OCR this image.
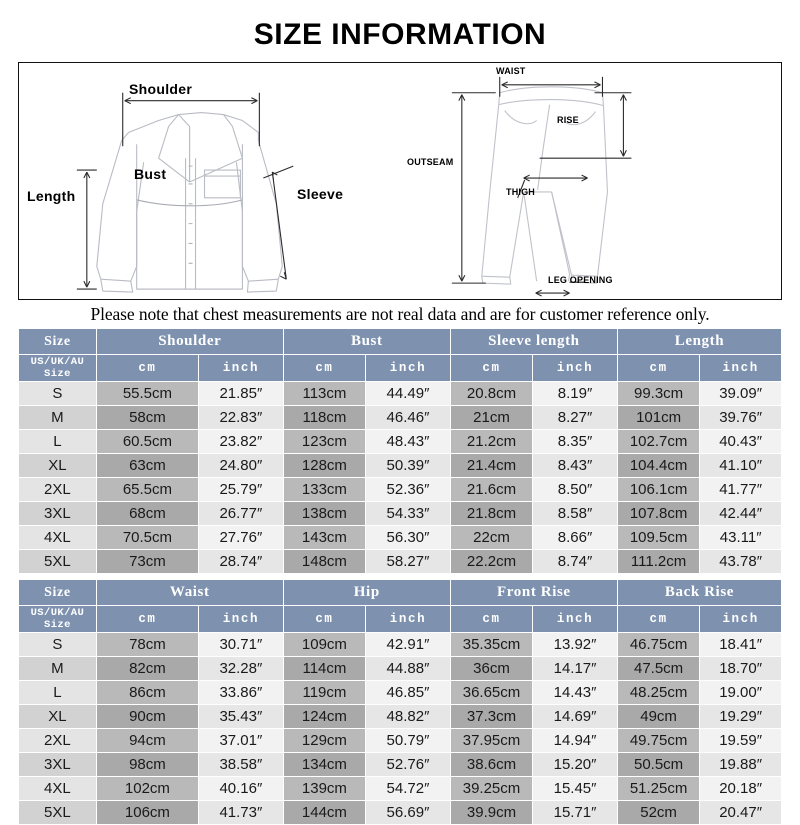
SIZE INFORMATION
Shoulder
Bust
Length	Sleeve
WAIST
RISE
OUTSEAM
THIGH
LEG OPENING
Please note that chest measurements are not real data and are for customer reference only.
Size	Shoulder		Bust		Sleeve length		Length	

US/UK/AU
Size	cm	inch	cm	inch	cm	inch	cm	inch
S	55.5cm	21.85″	113cm	44.49″	20.8cm	8.19″	99.3cm	39.09″
M	58cm	22.83″	118cm	46.46″	21cm	8.27″	101cm	39.76″
L	60.5cm	23.82″	123cm	48.43″	21.2cm	8.35″	102.7cm	40.43″
XL	63cm	24.80″	128cm	50.39″	21.4cm	8.43″	104.4cm	41.10″
2XL	65.5cm	25.79″	133cm	52.36″	21.6cm	8.50″	106.1cm	41.77″
3XL	68cm	26.77″	138cm	54.33″	21.8cm	8.58″	107.8cm	42.44″
4XL	70.5cm	27.76″	143cm	56.30″	22cm	8.66″	109.5cm	43.11″
5XL	73cm	28.74″	148cm	58.27″	22.2cm	8.74″	111.2cm	43.78″
Size	Waist		Hip		Front Rise		Back Rise	

US/UK/AU
Size	cm	inch	cm	inch	cm	inch	cm	inch
S	78cm	30.71″	109cm	42.91″	35.35cm	13.92″	46.75cm	18.41″
M	82cm	32.28″	114cm	44.88″	36cm	14.17″	47.5cm	18.70″
L	86cm	33.86″	119cm	46.85″	36.65cm	14.43″	48.25cm	19.00″
XL	90cm	35.43″	124cm	48.82″	37.3cm	14.69″	49cm	19.29″
2XL	94cm	37.01″	129cm	50.79″	37.95cm	14.94″	49.75cm	19.59″
3XL	98cm	38.58″	134cm	52.76″	38.6cm	15.20″	50.5cm	19.88″
4XL	102cm	40.16″	139cm	54.72″	39.25cm	15.45″	51.25cm	20.18″
5XL	106cm	41.73″	144cm	56.69″	39.9cm	15.71″	52cm	20.47″
